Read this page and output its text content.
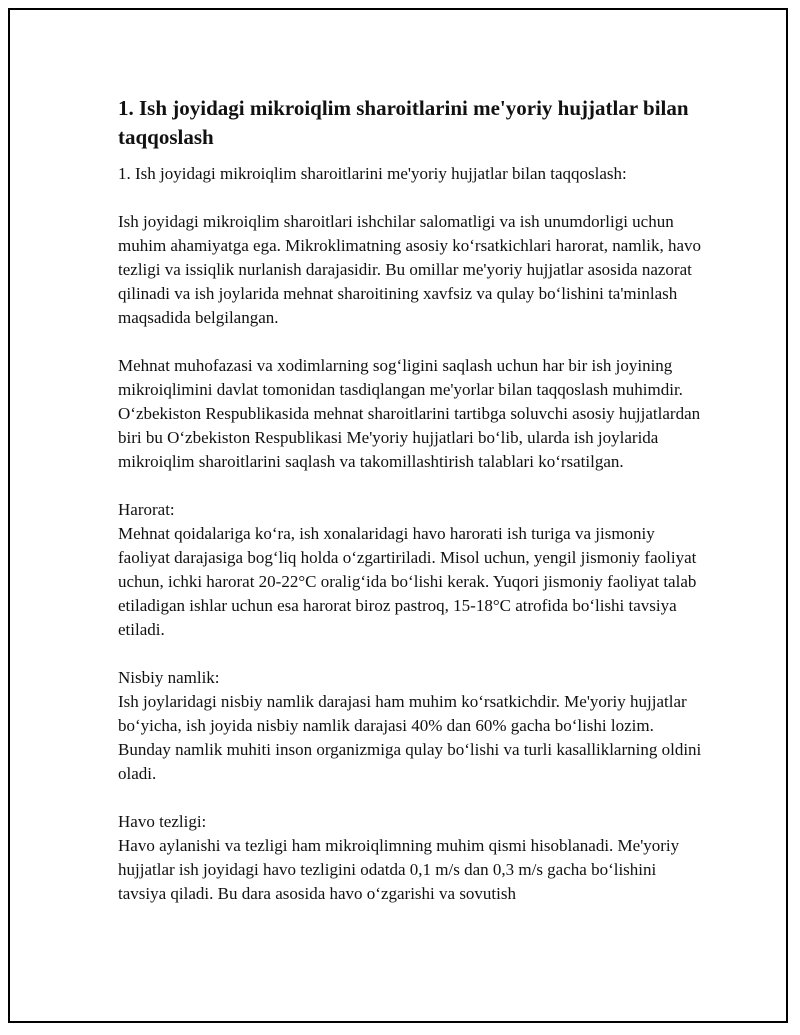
1. Ish joyidagi mikroiqlim sharoitlarini me'yoriy hujjatlar bilan taqqoslash

1. Ish joyidagi mikroiqlim sharoitlarini me'yoriy hujjatlar bilan taqqoslash:

Ish joyidagi mikroiqlim sharoitlari ishchilar salomatligi va ish unumdorligi uchun muhim ahamiyatga ega. Mikroklimatning asosiy ko‘rsatkichlari harorat, namlik, havo tezligi va issiqlik nurlanish darajasidir. Bu omillar me'yoriy hujjatlar asosida nazorat qilinadi va ish joylarida mehnat sharoitining xavfsiz va qulay bo‘lishini ta'minlash maqsadida belgilangan.

Mehnat muhofazasi va xodimlarning sog‘ligini saqlash uchun har bir ish joyining mikroiqlimini davlat tomonidan tasdiqlangan me'yorlar bilan taqqoslash muhimdir. O‘zbekiston Respublikasida mehnat sharoitlarini tartibga soluvchi asosiy hujjatlardan biri bu O‘zbekiston Respublikasi Me'yoriy hujjatlari bo‘lib, ularda ish joylarida mikroiqlim sharoitlarini saqlash va takomillashtirish talablari ko‘rsatilgan.

Harorat:
Mehnat qoidalariga ko‘ra, ish xonalaridagi havo harorati ish turiga va jismoniy faoliyat darajasiga bog‘liq holda o‘zgartiriladi. Misol uchun, yengil jismoniy faoliyat uchun, ichki harorat 20-22°C oralig‘ida bo‘lishi kerak. Yuqori jismoniy faoliyat talab etiladigan ishlar uchun esa harorat biroz pastroq, 15-18°C atrofida bo‘lishi tavsiya etiladi.
Nisbiy namlik:
Ish joylaridagi nisbiy namlik darajasi ham muhim ko‘rsatkichdir. Me'yoriy hujjatlar bo‘yicha, ish joyida nisbiy namlik darajasi 40% dan 60% gacha bo‘lishi lozim. Bunday namlik muhiti inson organizmiga qulay bo‘lishi va turli kasalliklarning oldini oladi.
Havo tezligi:
Havo aylanishi va tezligi ham mikroiqlimning muhim qismi hisoblanadi. Me'yoriy hujjatlar ish joyidagi havo tezligini odatda 0,1 m/s dan 0,3 m/s gacha bo‘lishini tavsiya qiladi. Bu dara asosida havo o‘zgarishi va sovutish
